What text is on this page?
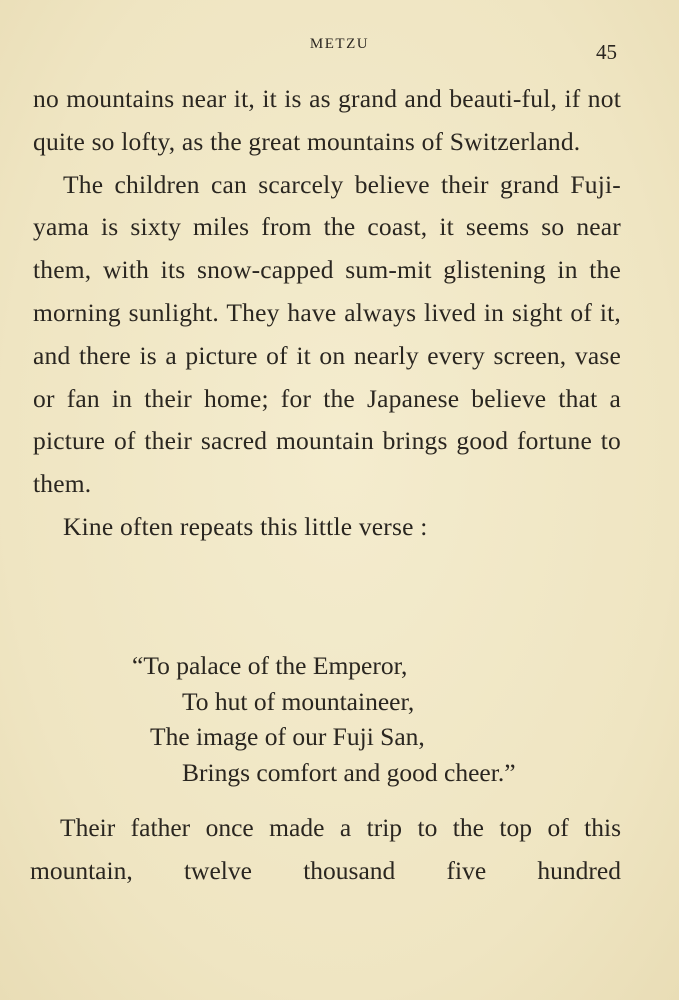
METZU	45

no mountains near it, it is as grand and beauti-ful, if not quite so lofty, as the great mountains of Switzerland.

The children can scarcely believe their grand Fuji-yama is sixty miles from the coast, it seems so near them, with its snow-capped sum-mit glistening in the morning sunlight. They have always lived in sight of it, and there is a picture of it on nearly every screen, vase or fan in their home; for the Japanese believe that a picture of their sacred mountain brings good fortune to them.

Kine often repeats this little verse :

“To palace of the Emperor,
To hut of mountaineer,
The image of our Fuji San,
Brings comfort and good cheer.”

Their father once made a trip to the top of this mountain, twelve thousand five hundred
